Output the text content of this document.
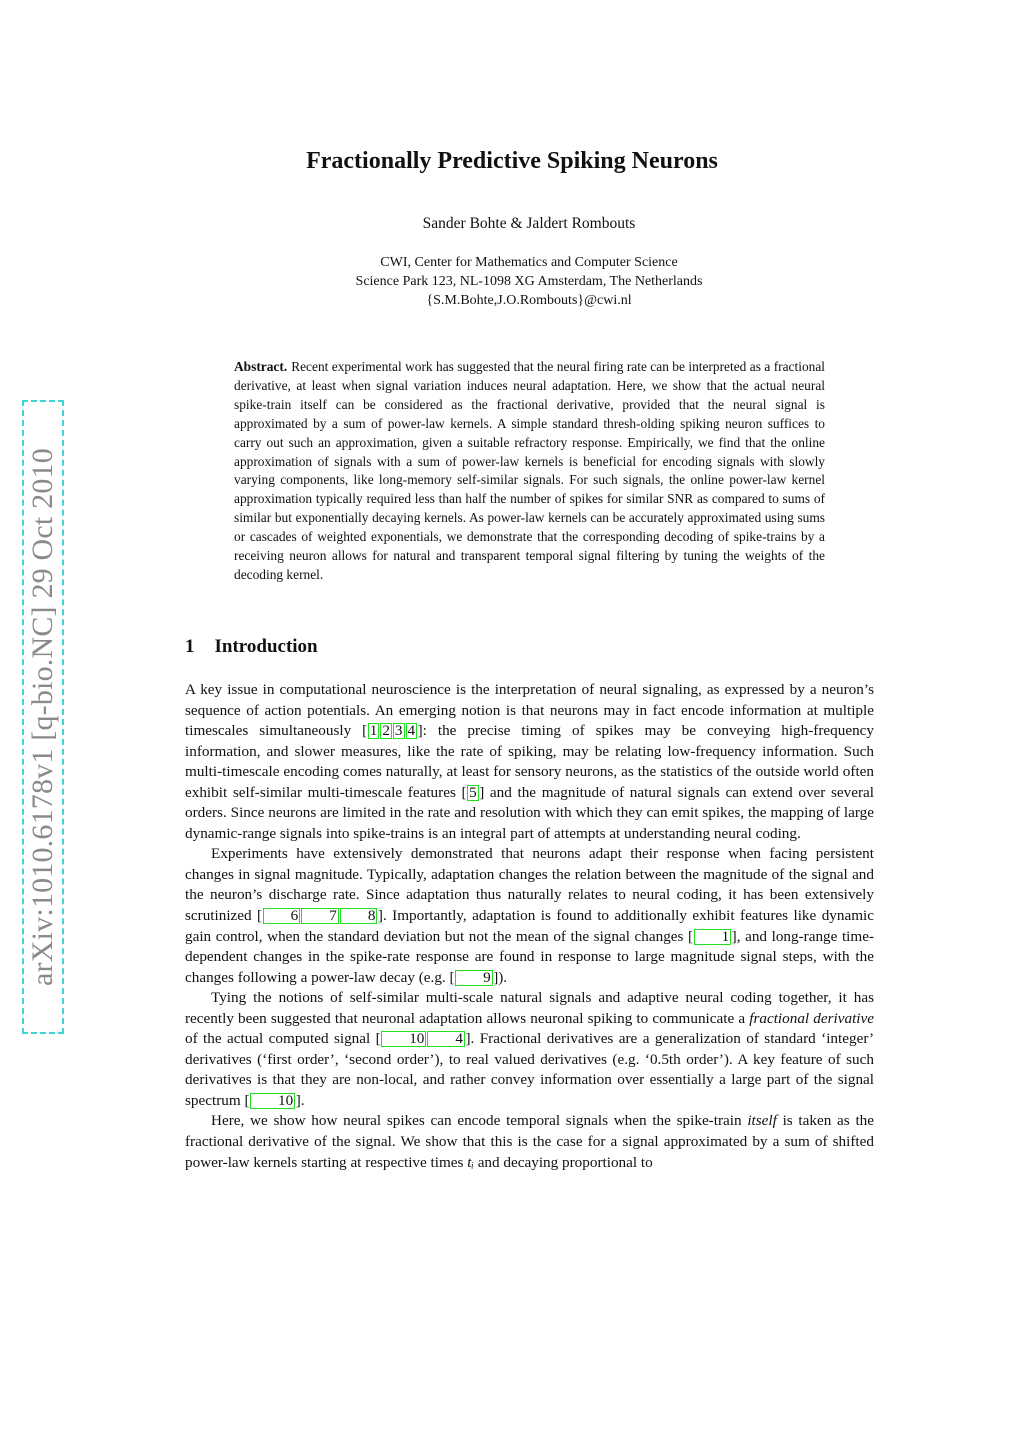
arXiv:1010.6178v1 [q-bio.NC] 29 Oct 2010
Fractionally Predictive Spiking Neurons
Sander Bohte & Jaldert Rombouts
CWI, Center for Mathematics and Computer Science
Science Park 123, NL-1098 XG Amsterdam, The Netherlands
{S.M.Bohte,J.O.Rombouts}@cwi.nl

Abstract. Recent experimental work has suggested that the neural firing rate can be interpreted as a fractional derivative, at least when signal variation induces neural adaptation. Here, we show that the actual neural spike-train itself can be considered as the fractional derivative, provided that the neural signal is approximated by a sum of power-law kernels. A simple standard thresh-olding spiking neuron suffices to carry out such an approximation, given a suitable refractory response. Empirically, we find that the online approximation of signals with a sum of power-law kernels is beneficial for encoding signals with slowly varying components, like long-memory self-similar signals. For such signals, the online power-law kernel approximation typically required less than half the number of spikes for similar SNR as compared to sums of similar but exponentially decaying kernels. As power-law kernels can be accurately approximated using sums or cascades of weighted exponentials, we demonstrate that the corresponding decoding of spike-trains by a receiving neuron allows for natural and transparent temporal signal filtering by tuning the weights of the decoding kernel.

1 Introduction

A key issue in computational neuroscience is the interpretation of neural signaling, as expressed by a neuron’s sequence of action potentials. An emerging notion is that neurons may in fact encode information at multiple timescales simultaneously [ 1 2 3 4 ]: the precise timing of spikes may be conveying high-frequency information, and slower measures, like the rate of spiking, may be relating low-frequency information. Such multi-timescale encoding comes naturally, at least for sensory neurons, as the statistics of the outside world often exhibit self-similar multi-timescale features [ 5 ] and the magnitude of natural signals can extend over several orders. Since neurons are limited in the rate and resolution with which they can emit spikes, the mapping of large dynamic-range signals into spike-trains is an integral part of attempts at understanding neural coding.

Experiments have extensively demonstrated that neurons adapt their response when facing persistent changes in signal magnitude. Typically, adaptation changes the relation between the magnitude of the signal and the neuron’s discharge rate. Since adaptation thus naturally relates to neural coding, it has been extensively scrutinized [ 6 7 8 ]. Importantly, adaptation is found to additionally exhibit features like dynamic gain control, when the standard deviation but not the mean of the signal changes [ 1 ], and long-range time-dependent changes in the spike-rate response are found in response to large magnitude signal steps, with the changes following a power-law decay (e.g. [ 9 ]).

Tying the notions of self-similar multi-scale natural signals and adaptive neural coding together, it has recently been suggested that neuronal adaptation allows neuronal spiking to communicate a fractional derivative of the actual computed signal [ 10 4 ]. Fractional derivatives are a generalization of standard ‘integer’ derivatives (‘first order’, ‘second order’), to real valued derivatives (e.g. ‘0.5th order’). A key feature of such derivatives is that they are non-local, and rather convey information over essentially a large part of the signal spectrum [ 10 ].

Here, we show how neural spikes can encode temporal signals when the spike-train itself is taken as the fractional derivative of the signal. We show that this is the case for a signal approximated by a sum of shifted power-law kernels starting at respective times tᵢ and decaying proportional to
